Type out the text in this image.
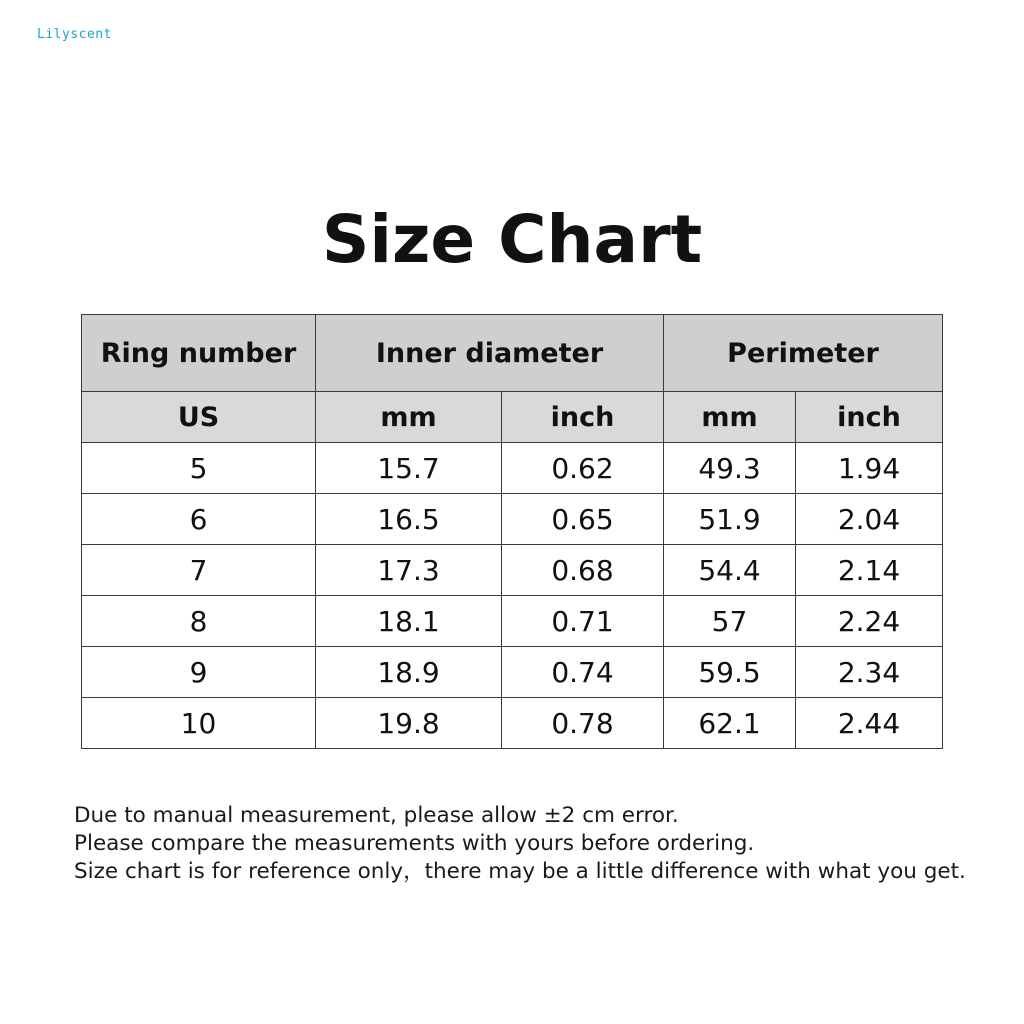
Lilyscent
Size Chart
Ring number	Inner diameter		Perimeter	
US	mm	inch	mm	inch
5	15.7	0.62	49.3	1.94
6	16.5	0.65	51.9	2.04
7	17.3	0.68	54.4	2.14
8	18.1	0.71	57	2.24
9	18.9	0.74	59.5	2.34
10	19.8	0.78	62.1	2.44
Due to manual measurement, please allow ±2 cm error.
Please compare the measurements with yours before ordering.
Size chart is for reference only，there may be a little difference with what you get.
